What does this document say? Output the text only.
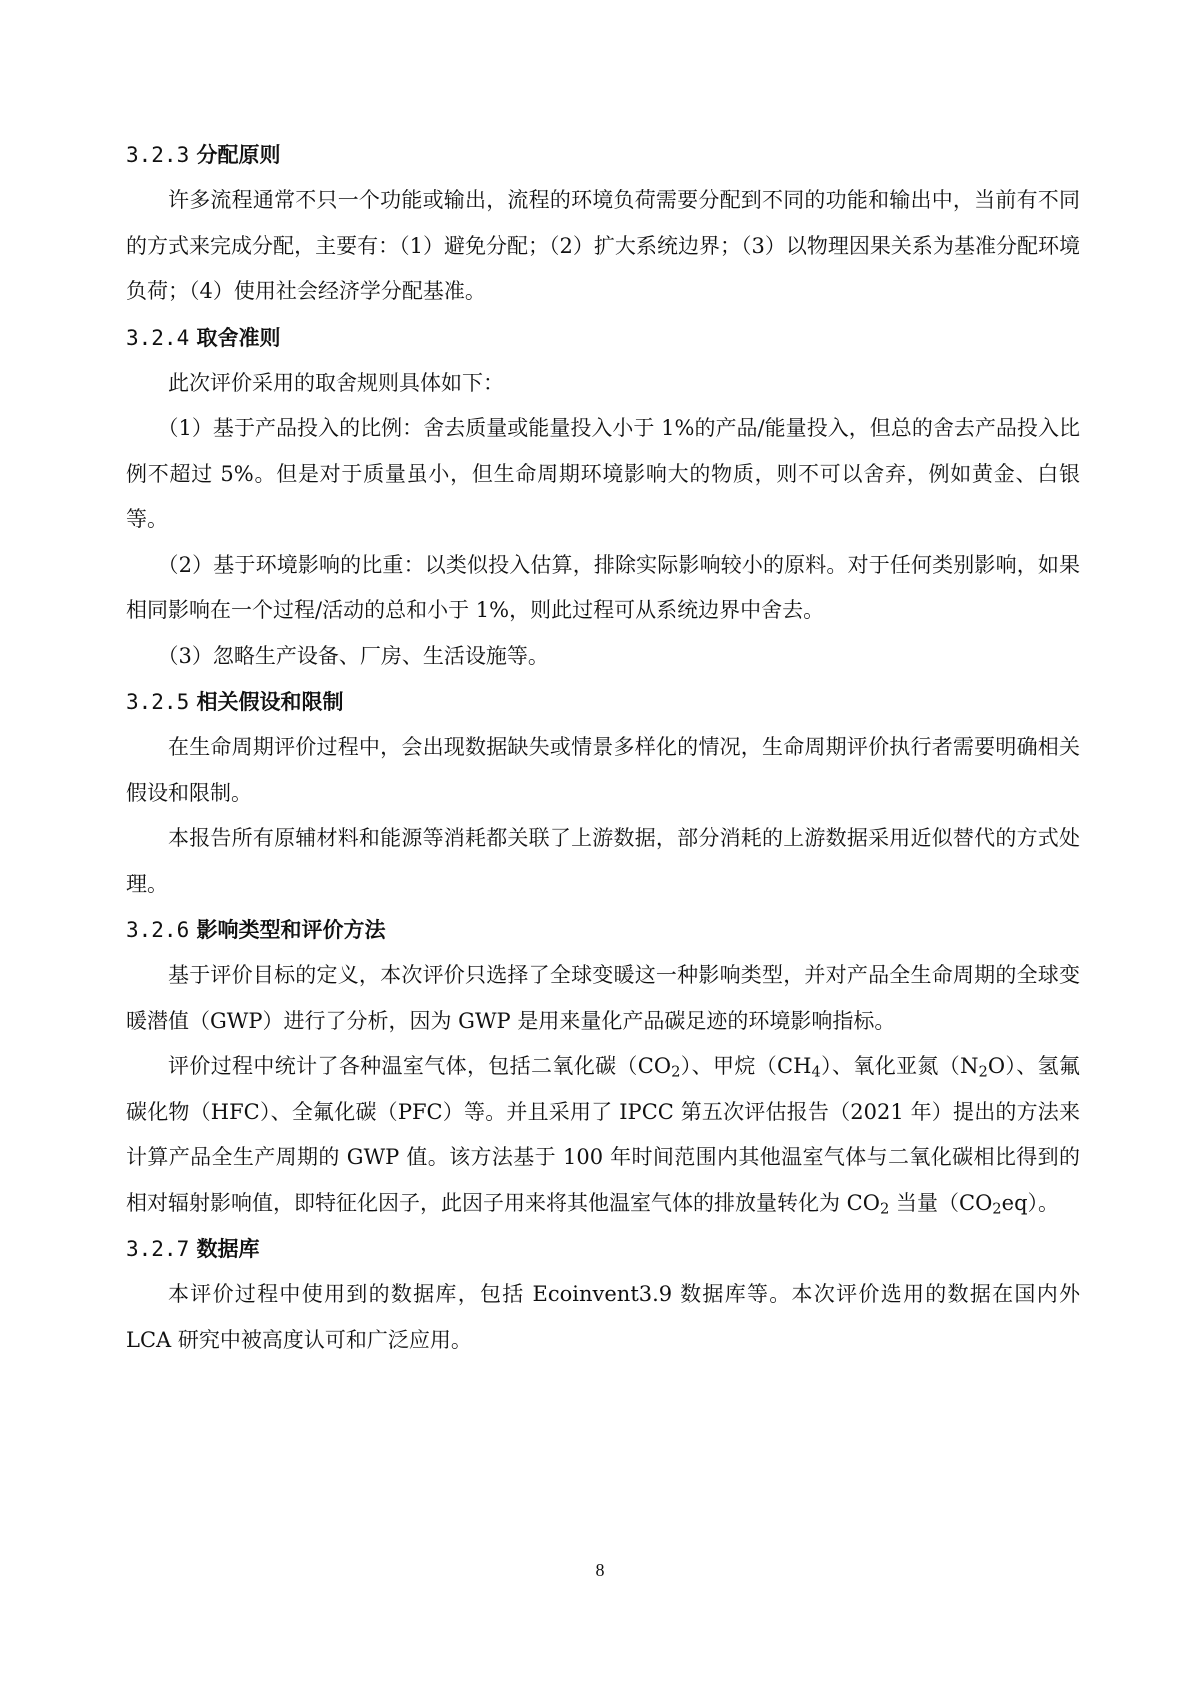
3.2.3 分配原则

许多流程通常不只一个功能或输出，流程的环境负荷需要分配到不同的功能和输出中，当前有不同的方式来完成分配，主要有：（1）避免分配；（2）扩大系统边界；（3）以物理因果关系为基准分配环境负荷；（4）使用社会经济学分配基准。

3.2.4 取舍准则

此次评价采用的取舍规则具体如下：

（1）基于产品投入的比例：舍去质量或能量投入小于 1%的产品/能量投入，但总的舍去产品投入比例不超过 5%。但是对于质量虽小，但生命周期环境影响大的物质，则不可以舍弃，例如黄金、白银等。

（2）基于环境影响的比重：以类似投入估算，排除实际影响较小的原料。对于任何类别影响，如果相同影响在一个过程/活动的总和小于 1%，则此过程可从系统边界中舍去。

（3）忽略生产设备、厂房、生活设施等。

3.2.5 相关假设和限制

在生命周期评价过程中，会出现数据缺失或情景多样化的情况，生命周期评价执行者需要明确相关假设和限制。

本报告所有原辅材料和能源等消耗都关联了上游数据，部分消耗的上游数据采用近似替代的方式处理。

3.2.6 影响类型和评价方法

基于评价目标的定义，本次评价只选择了全球变暖这一种影响类型，并对产品全生命周期的全球变暖潜值（GWP）进行了分析，因为 GWP 是用来量化产品碳足迹的环境影响指标。

评价过程中统计了各种温室气体，包括二氧化碳$(CO_2)$、甲烷$(CH_4)$、氧化亚氮$(N_2O)$、氢氟碳化物（HFC）、全氟化碳（PFC）等。并且采用了 IPCC 第五次评估报告（2021 年）提出的方法来计算产品全生产周期的 GWP 值。该方法基于 100 年时间范围内其他温室气体与二氧化碳相比得到的相对辐射影响值，即特征化因子，此因子用来将其他温室气体的排放量转化为 $CO_2$ 当量$(CO_2eq)$。

3.2.7 数据库

本评价过程中使用到的数据库，包括 Ecoinvent3.9 数据库等。本次评价选用的数据在国内外 LCA 研究中被高度认可和广泛应用。

8
